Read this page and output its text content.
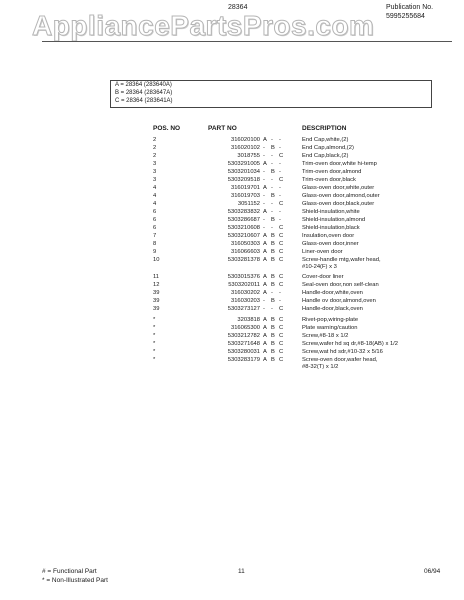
AppliancePartsPros.com
28364	Publication No.
5995255684
A = 28364 (283640A)
B = 28364 (283647A)
C = 28364 (283641A)
POS. NO	PART NO	DESCRIPTION
2	316020100 A - -	End Cap,white,(2)
2	316020102 - B -	End Cap,almond,(2)
2	3018755 - - C	End Cap,black,(2)
3	5303291005 A - -	Trim-oven door,white hi-temp
3	5303201034 - B -	Trim-oven door,almond
3	5303209518 - - C	Trim-oven door,black
4	316019701 A - -	Glass-oven door,white,outer
4	316019703 - B -	Glass-oven door,almond,outer
4	3051152 - - C	Glass-oven door,black,outer
6	5303283832 A - -	Shield-insulation,white
6	5303286687 - B -	Shield-insulation,almond
6	5303210608 - - C	Shield-insulation,black
7	5303210607 A B C	Insulation,oven door
8	316050303 A B C	Glass-oven door,inner
9	316066603 A B C	Liner-oven door
10	5303281378 A B C	Screw-handle mtg,wafer head,
#10-24(F) x 3
11	5303015376 A B C	Cover-door liner
12	5303202011 A B C	Seal-oven door,non self-clean
39	316030202 A - -	Handle-door,white,oven
39	316030203 - B -	Handle ov door,almond,oven
39	5303273127 - - C	Handle-door,black,oven
*	3203818 A B C	Rivet-pop,wiring-plate
*	316065300 A B C	Plate warning/caution
*	5303212782 A B C	Screw,#8-18 x 1/2
*	5303271648 A B C	Screw,wafer hd sq dr,#8-18(AB) x 1/2
*	5303280031 A B C	Screw,wat hd sdr,#10-32 x 5/16
*	5303283179 A B C	Screw-oven door,wafer head,
#8-32(T) x 1/2
# = Functional Part
* = Non-Illustrated Part
11	06/94
